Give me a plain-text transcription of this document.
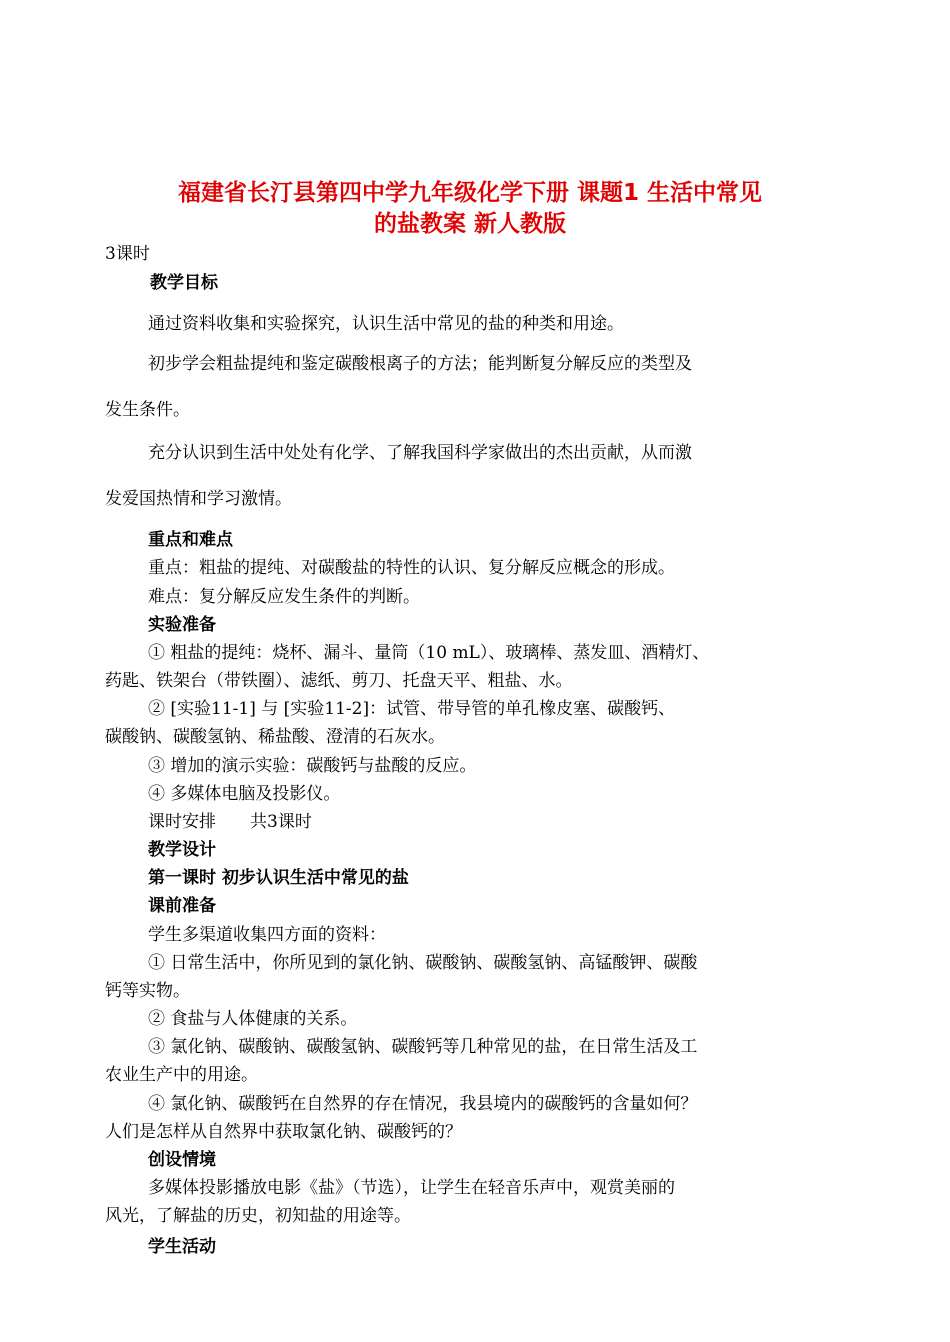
福建省长汀县第四中学九年级化学下册 课题1 生活中常见
的盐教案 新人教版
3课时
教学目标
通过资料收集和实验探究，认识生活中常见的盐的种类和用途。
初步学会粗盐提纯和鉴定碳酸根离子的方法；能判断复分解反应的类型及
发生条件。
充分认识到生活中处处有化学、了解我国科学家做出的杰出贡献，从而激
发爱国热情和学习激情。
重点和难点
重点：粗盐的提纯、对碳酸盐的特性的认识、复分解反应概念的形成。
难点：复分解反应发生条件的判断。
实验准备
① 粗盐的提纯：烧杯、漏斗、量筒（10 mL）、玻璃棒、蒸发皿、酒精灯、
药匙、铁架台（带铁圈）、滤纸、剪刀、托盘天平、粗盐、水。
② [实验11-1] 与 [实验11-2]：试管、带导管的单孔橡皮塞、碳酸钙、
碳酸钠、碳酸氢钠、稀盐酸、澄清的石灰水。
③ 增加的演示实验：碳酸钙与盐酸的反应。
④ 多媒体电脑及投影仪。
课时安排　　共3课时
教学设计
第一课时 初步认识生活中常见的盐
课前准备
学生多渠道收集四方面的资料：
① 日常生活中，你所见到的氯化钠、碳酸钠、碳酸氢钠、高锰酸钾、碳酸
钙等实物。
② 食盐与人体健康的关系。
③ 氯化钠、碳酸钠、碳酸氢钠、碳酸钙等几种常见的盐，在日常生活及工
农业生产中的用途。
④ 氯化钠、碳酸钙在自然界的存在情况，我县境内的碳酸钙的含量如何？
人们是怎样从自然界中获取氯化钠、碳酸钙的？
创设情境
多媒体投影播放电影《盐》（节选），让学生在轻音乐声中，观赏美丽的
风光，了解盐的历史，初知盐的用途等。
学生活动
